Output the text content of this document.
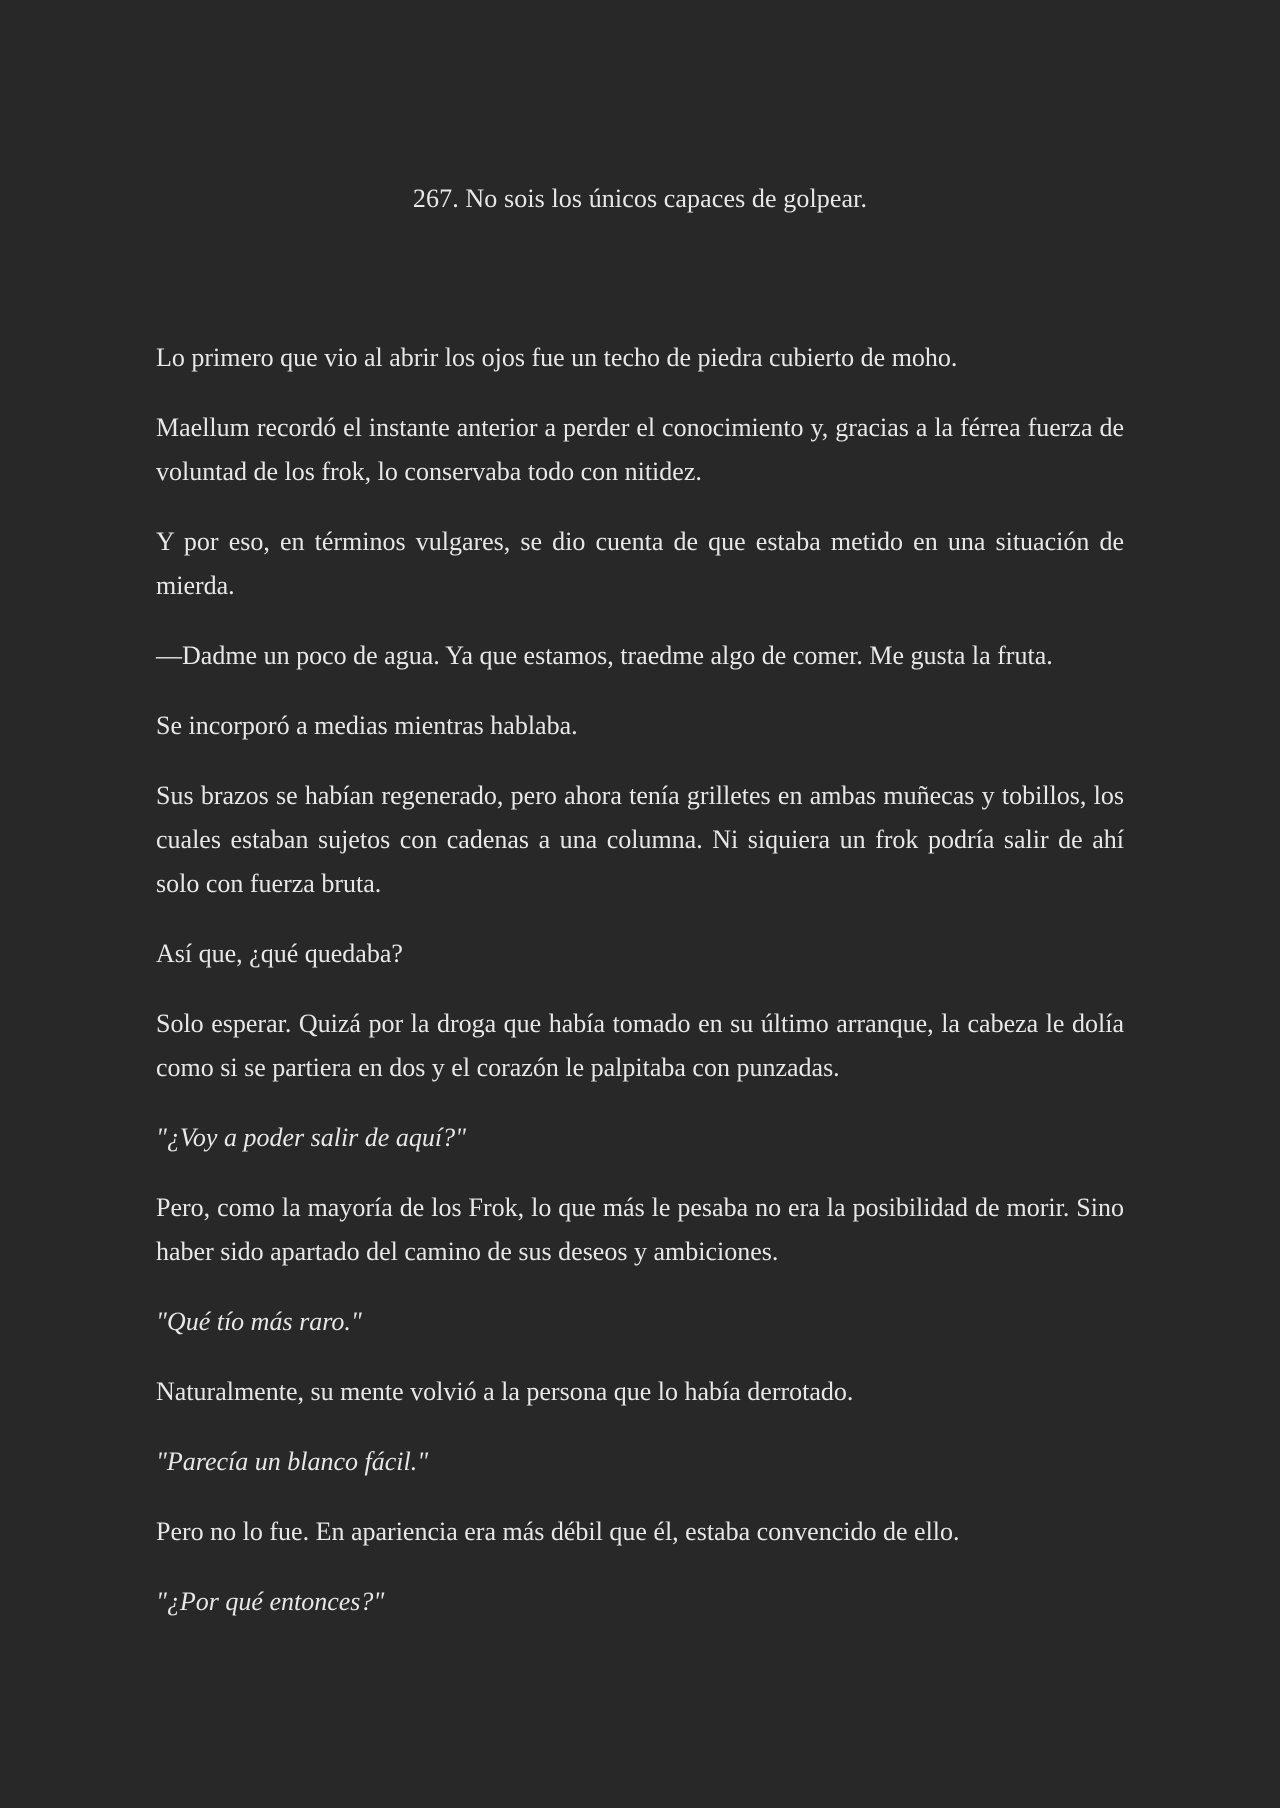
267. No sois los únicos capaces de golpear.

Lo primero que vio al abrir los ojos fue un techo de piedra cubierto de moho.

Maellum recordó el instante anterior a perder el conocimiento y, gracias a la férrea fuerza de voluntad de los frok, lo conservaba todo con nitidez.

Y por eso, en términos vulgares, se dio cuenta de que estaba metido en una situación de mierda.

—Dadme un poco de agua. Ya que estamos, traedme algo de comer. Me gusta la fruta.

Se incorporó a medias mientras hablaba.

Sus brazos se habían regenerado, pero ahora tenía grilletes en ambas muñecas y tobillos, los cuales estaban sujetos con cadenas a una columna. Ni siquiera un frok podría salir de ahí solo con fuerza bruta.

Así que, ¿qué quedaba?

Solo esperar. Quizá por la droga que había tomado en su último arranque, la cabeza le dolía como si se partiera en dos y el corazón le palpitaba con punzadas.

"¿Voy a poder salir de aquí?"

Pero, como la mayoría de los Frok, lo que más le pesaba no era la posibilidad de morir. Sino haber sido apartado del camino de sus deseos y ambiciones.

"Qué tío más raro."

Naturalmente, su mente volvió a la persona que lo había derrotado.

"Parecía un blanco fácil."

Pero no lo fue. En apariencia era más débil que él, estaba convencido de ello.

"¿Por qué entonces?"
